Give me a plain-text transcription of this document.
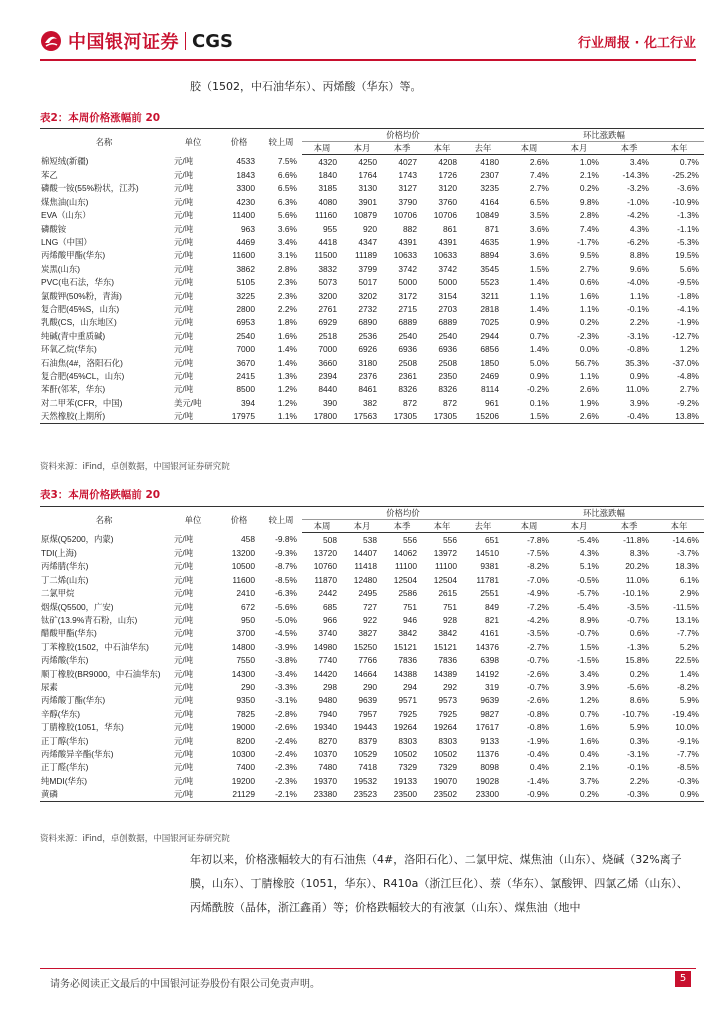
中国银河证券 CGS	行业周报 · 化工行业
胶（1502，中石油华东）、丙烯酸（华东）等。
表2：本周价格涨幅前 20
名称	单位	价格	较上周	价格均价					环比涨跌幅			
				本周	本月	本季	本年	去年	本周	本月	本季	本年
棉短绒(新疆)	元/吨	4533	7.5%	4320	4250	4027	4208	4180	2.6%	1.0%	3.4%	0.7%
苯乙	元/吨	1843	6.6%	1840	1764	1743	1726	2307	7.4%	2.1%	-14.3%	-25.2%
磷酸一铵(55%粉状，江苏)	元/吨	3300	6.5%	3185	3130	3127	3120	3235	2.7%	0.2%	-3.2%	-3.6%
煤焦油(山东)	元/吨	4230	6.3%	4080	3901	3790	3760	4164	6.5%	9.8%	-1.0%	-10.9%
EVA（山东）	元/吨	11400	5.6%	11160	10879	10706	10706	10849	3.5%	2.8%	-4.2%	-1.3%
磷酸铵	元/吨	963	3.6%	955	920	882	861	871	3.6%	7.4%	4.3%	-1.1%
LNG（中国）	元/吨	4469	3.4%	4418	4347	4391	4391	4635	1.9%	-1.7%	-6.2%	-5.3%
丙烯酸甲酯(华东)	元/吨	11600	3.1%	11500	11189	10633	10633	8894	3.6%	9.5%	8.8%	19.5%
炭黑(山东)	元/吨	3862	2.8%	3832	3799	3742	3742	3545	1.5%	2.7%	9.6%	5.6%
PVC(电石法，华东)	元/吨	5105	2.3%	5073	5017	5000	5000	5523	1.4%	0.6%	-4.0%	-9.5%
氯酸钾(50%粉，青海)	元/吨	3225	2.3%	3200	3202	3172	3154	3211	1.1%	1.6%	1.1%	-1.8%
复合肥(45%S，山东)	元/吨	2800	2.2%	2761	2732	2715	2703	2818	1.4%	1.1%	-0.1%	-4.1%
乳酸(CS，山东地区)	元/吨	6953	1.8%	6929	6890	6889	6889	7025	0.9%	0.2%	2.2%	-1.9%
纯碱(青中重质碱)	元/吨	2540	1.6%	2518	2536	2540	2540	2944	0.7%	-2.3%	-3.1%	-12.7%
环氧乙烷(华东)	元/吨	7000	1.4%	7000	6926	6936	6936	6856	1.4%	0.0%	-0.8%	1.2%
石油焦(4#，洛阳石化)	元/吨	3670	1.4%	3660	3180	2508	2508	1850	5.0%	56.7%	35.3%	-37.0%
复合肥(45%CL，山东)	元/吨	2415	1.3%	2394	2376	2361	2350	2469	0.9%	1.1%	0.9%	-4.8%
苯酐(邻苯，华东)	元/吨	8500	1.2%	8440	8461	8326	8326	8114	-0.2%	2.6%	11.0%	2.7%
对二甲苯(CFR，中国)	美元/吨	394	1.2%	390	382	872	872	961	0.1%	1.9%	3.9%	-9.2%
天然橡胶(上期所)	元/吨	17975	1.1%	17800	17563	17305	17305	15206	1.5%	2.6%	-0.4%	13.8%
资料来源：iFind，卓创数据，中国银河证券研究院
表3：本周价格跌幅前 20
名称	单位	价格	较上周	价格均价					环比涨跌幅			
				本周	本月	本季	本年	去年	本周	本月	本季	本年
原煤(Q5200，内蒙)	元/吨	458	-9.8%	508	538	556	556	651	-7.8%	-5.4%	-11.8%	-14.6%
TDI(上海)	元/吨	13200	-9.3%	13720	14407	14062	13972	14510	-7.5%	4.3%	8.3%	-3.7%
丙烯腈(华东)	元/吨	10500	-8.7%	10760	11418	11100	11100	9381	-8.2%	5.1%	20.2%	18.3%
丁二烯(山东)	元/吨	11600	-8.5%	11870	12480	12504	12504	11781	-7.0%	-0.5%	11.0%	6.1%
二氯甲烷	元/吨	2410	-6.3%	2442	2495	2586	2615	2551	-4.9%	-5.7%	-10.1%	2.9%
烟煤(Q5500，广安)	元/吨	672	-5.6%	685	727	751	751	849	-7.2%	-5.4%	-3.5%	-11.5%
钛矿(13.9%青石粉，山东)	元/吨	950	-5.0%	966	922	946	928	821	-4.2%	8.9%	-0.7%	13.1%
醋酸甲酯(华东)	元/吨	3700	-4.5%	3740	3827	3842	3842	4161	-3.5%	-0.7%	0.6%	-7.7%
丁苯橡胶(1502，中石油华东)	元/吨	14800	-3.9%	14980	15250	15121	15121	14376	-2.7%	1.5%	-1.3%	5.2%
丙烯酸(华东)	元/吨	7550	-3.8%	7740	7766	7836	7836	6398	-0.7%	-1.5%	15.8%	22.5%
顺丁橡胶(BR9000，中石油华东)	元/吨	14300	-3.4%	14420	14664	14388	14389	14192	-2.6%	3.4%	0.2%	1.4%
尿素	元/吨	290	-3.3%	298	290	294	292	319	-0.7%	3.9%	-5.6%	-8.2%
丙烯酸丁酯(华东)	元/吨	9350	-3.1%	9480	9639	9571	9573	9639	-2.6%	1.2%	8.6%	5.9%
辛醇(华东)	元/吨	7825	-2.8%	7940	7957	7925	7925	9827	-0.8%	0.7%	-10.7%	-19.4%
丁腈橡胶(1051，华东)	元/吨	19000	-2.6%	19340	19443	19264	19264	17617	-0.8%	1.6%	5.9%	10.0%
正丁醇(华东)	元/吨	8200	-2.4%	8270	8379	8303	8303	9133	-1.9%	1.6%	0.3%	-9.1%
丙烯酸异辛酯(华东)	元/吨	10300	-2.4%	10370	10529	10502	10502	11376	-0.4%	0.4%	-3.1%	-7.7%
正丁醛(华东)	元/吨	7400	-2.3%	7480	7418	7329	7329	8098	0.4%	2.1%	-0.1%	-8.5%
纯MDI(华东)	元/吨	19200	-2.3%	19370	19532	19133	19070	19028	-1.4%	3.7%	2.2%	-0.3%
黄磷	元/吨	21129	-2.1%	23380	23523	23500	23502	23300	-0.9%	0.2%	-0.3%	0.9%
资料来源：iFind，卓创数据，中国银河证券研究院
年初以来，价格涨幅较大的有石油焦（4#，洛阳石化）、二氯甲烷、煤焦油（山东）、烧碱（32%离子膜，山东）、丁腈橡胶（1051，华东）、R410a（浙江巨化）、萘（华东）、氯酸钾、四氯乙烯（山东）、丙烯酰胺（晶体，浙江鑫甬）等；价格跌幅较大的有液氯（山东）、煤焦油（地中
请务必阅读正文最后的中国银河证券股份有限公司免责声明。
5
